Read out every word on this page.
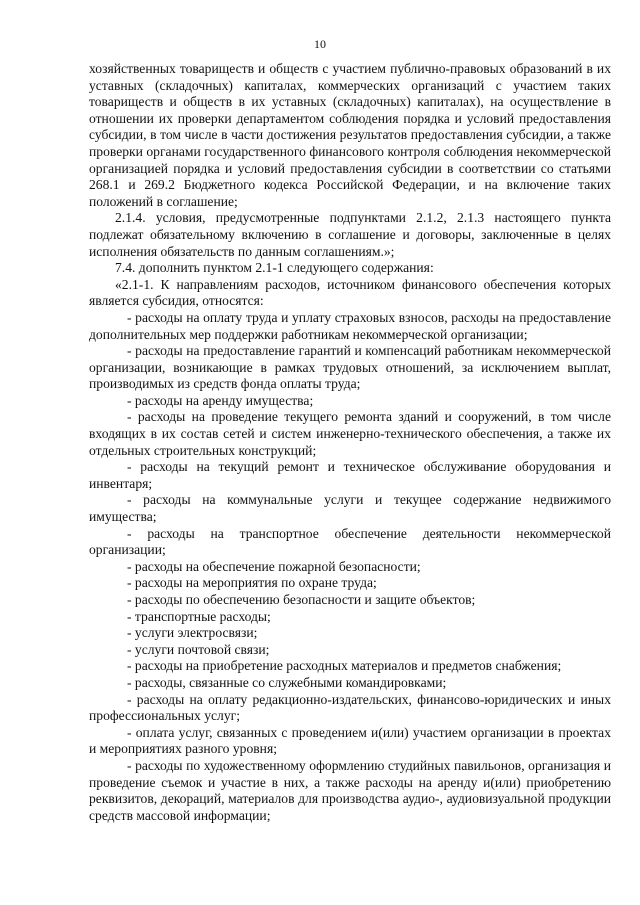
10

хозяйственных товариществ и обществ с участием публично-правовых образований в их уставных (складочных) капиталах, коммерческих организаций с участием таких товариществ и обществ в их уставных (складочных) капиталах), на осуществление в отношении их проверки департаментом соблюдения порядка и условий предоставления субсидии, в том числе в части достижения результатов предоставления субсидии, а также проверки органами государственного финансового контроля соблюдения некоммерческой организацией порядка и условий предоставления субсидии в соответствии со статьями 268.1 и 269.2 Бюджетного кодекса Российской Федерации, и на включение таких положений в соглашение;

2.1.4. условия, предусмотренные подпунктами 2.1.2, 2.1.3 настоящего пункта подлежат обязательному включению в соглашение и договоры, заключенные в целях исполнения обязательств по данным соглашениям.»;

7.4. дополнить пунктом 2.1-1 следующего содержания:

«2.1-1. К направлениям расходов, источником финансового обеспечения которых является субсидия, относятся:

- расходы на оплату труда и уплату страховых взносов, расходы на предоставление дополнительных мер поддержки работникам некоммерческой организации;

- расходы на предоставление гарантий и компенсаций работникам некоммерческой организации, возникающие в рамках трудовых отношений, за исключением выплат, производимых из средств фонда оплаты труда;

- расходы на аренду имущества;

- расходы на проведение текущего ремонта зданий и сооружений, в том числе входящих в их состав сетей и систем инженерно-технического обеспечения, а также их отдельных строительных конструкций;

- расходы на текущий ремонт и техническое обслуживание оборудования и инвентаря;

- расходы на коммунальные услуги и текущее содержание недвижимого имущества;

- расходы на транспортное обеспечение деятельности некоммерческой организации;

- расходы на обеспечение пожарной безопасности;

- расходы на мероприятия по охране труда;

- расходы по обеспечению безопасности и защите объектов;

- транспортные расходы;

- услуги электросвязи;

- услуги почтовой связи;

- расходы на приобретение расходных материалов и предметов снабжения;

- расходы, связанные со служебными командировками;

- расходы на оплату редакционно-издательских, финансово-юридических и иных профессиональных услуг;

- оплата услуг, связанных с проведением и(или) участием организации в проектах и мероприятиях разного уровня;

- расходы по художественному оформлению студийных павильонов, организация и проведение съемок и участие в них, а также расходы на аренду и(или) приобретению реквизитов, декораций, материалов для производства аудио-, аудиовизуальной продукции средств массовой информации;
